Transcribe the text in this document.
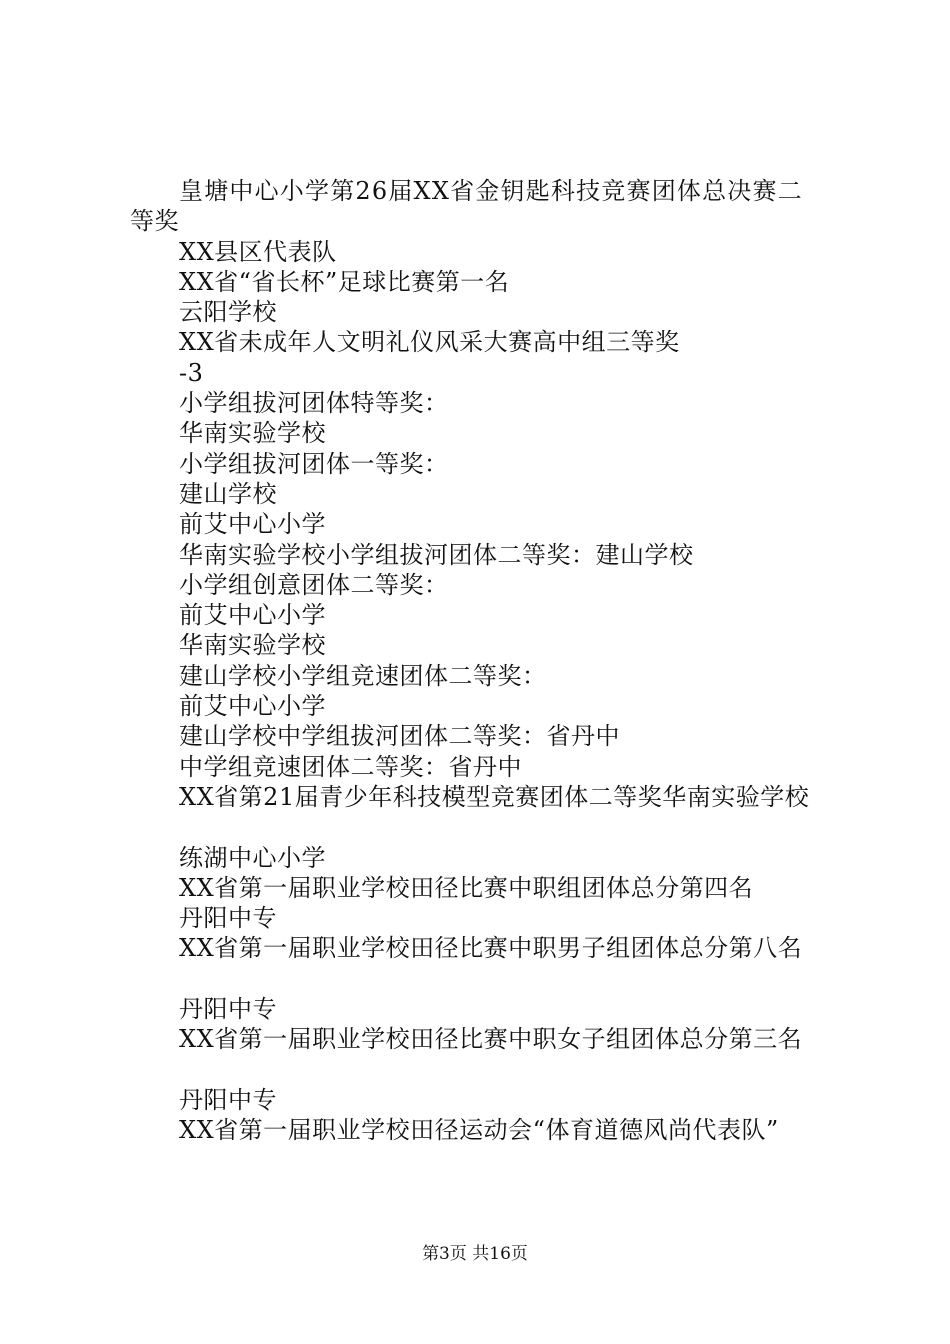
皇塘中心小学第26届XX省金钥匙科技竞赛团体总决赛二
等奖
XX县区代表队
XX省“省长杯”足球比赛第一名
云阳学校
XX省未成年人文明礼仪风采大赛高中组三等奖
-3
小学组拔河团体特等奖：
华南实验学校
小学组拔河团体一等奖：
建山学校
前艾中心小学
华南实验学校小学组拔河团体二等奖：建山学校
小学组创意团体二等奖：
前艾中心小学
华南实验学校
建山学校小学组竞速团体二等奖：
前艾中心小学
建山学校中学组拔河团体二等奖：省丹中
中学组竞速团体二等奖：省丹中
XX省第21届青少年科技模型竞赛团体二等奖华南实验学校
练湖中心小学
XX省第一届职业学校田径比赛中职组团体总分第四名
丹阳中专
XX省第一届职业学校田径比赛中职男子组团体总分第八名
丹阳中专
XX省第一届职业学校田径比赛中职女子组团体总分第三名
丹阳中专
XX省第一届职业学校田径运动会“体育道德风尚代表队”
第3页 共16页
